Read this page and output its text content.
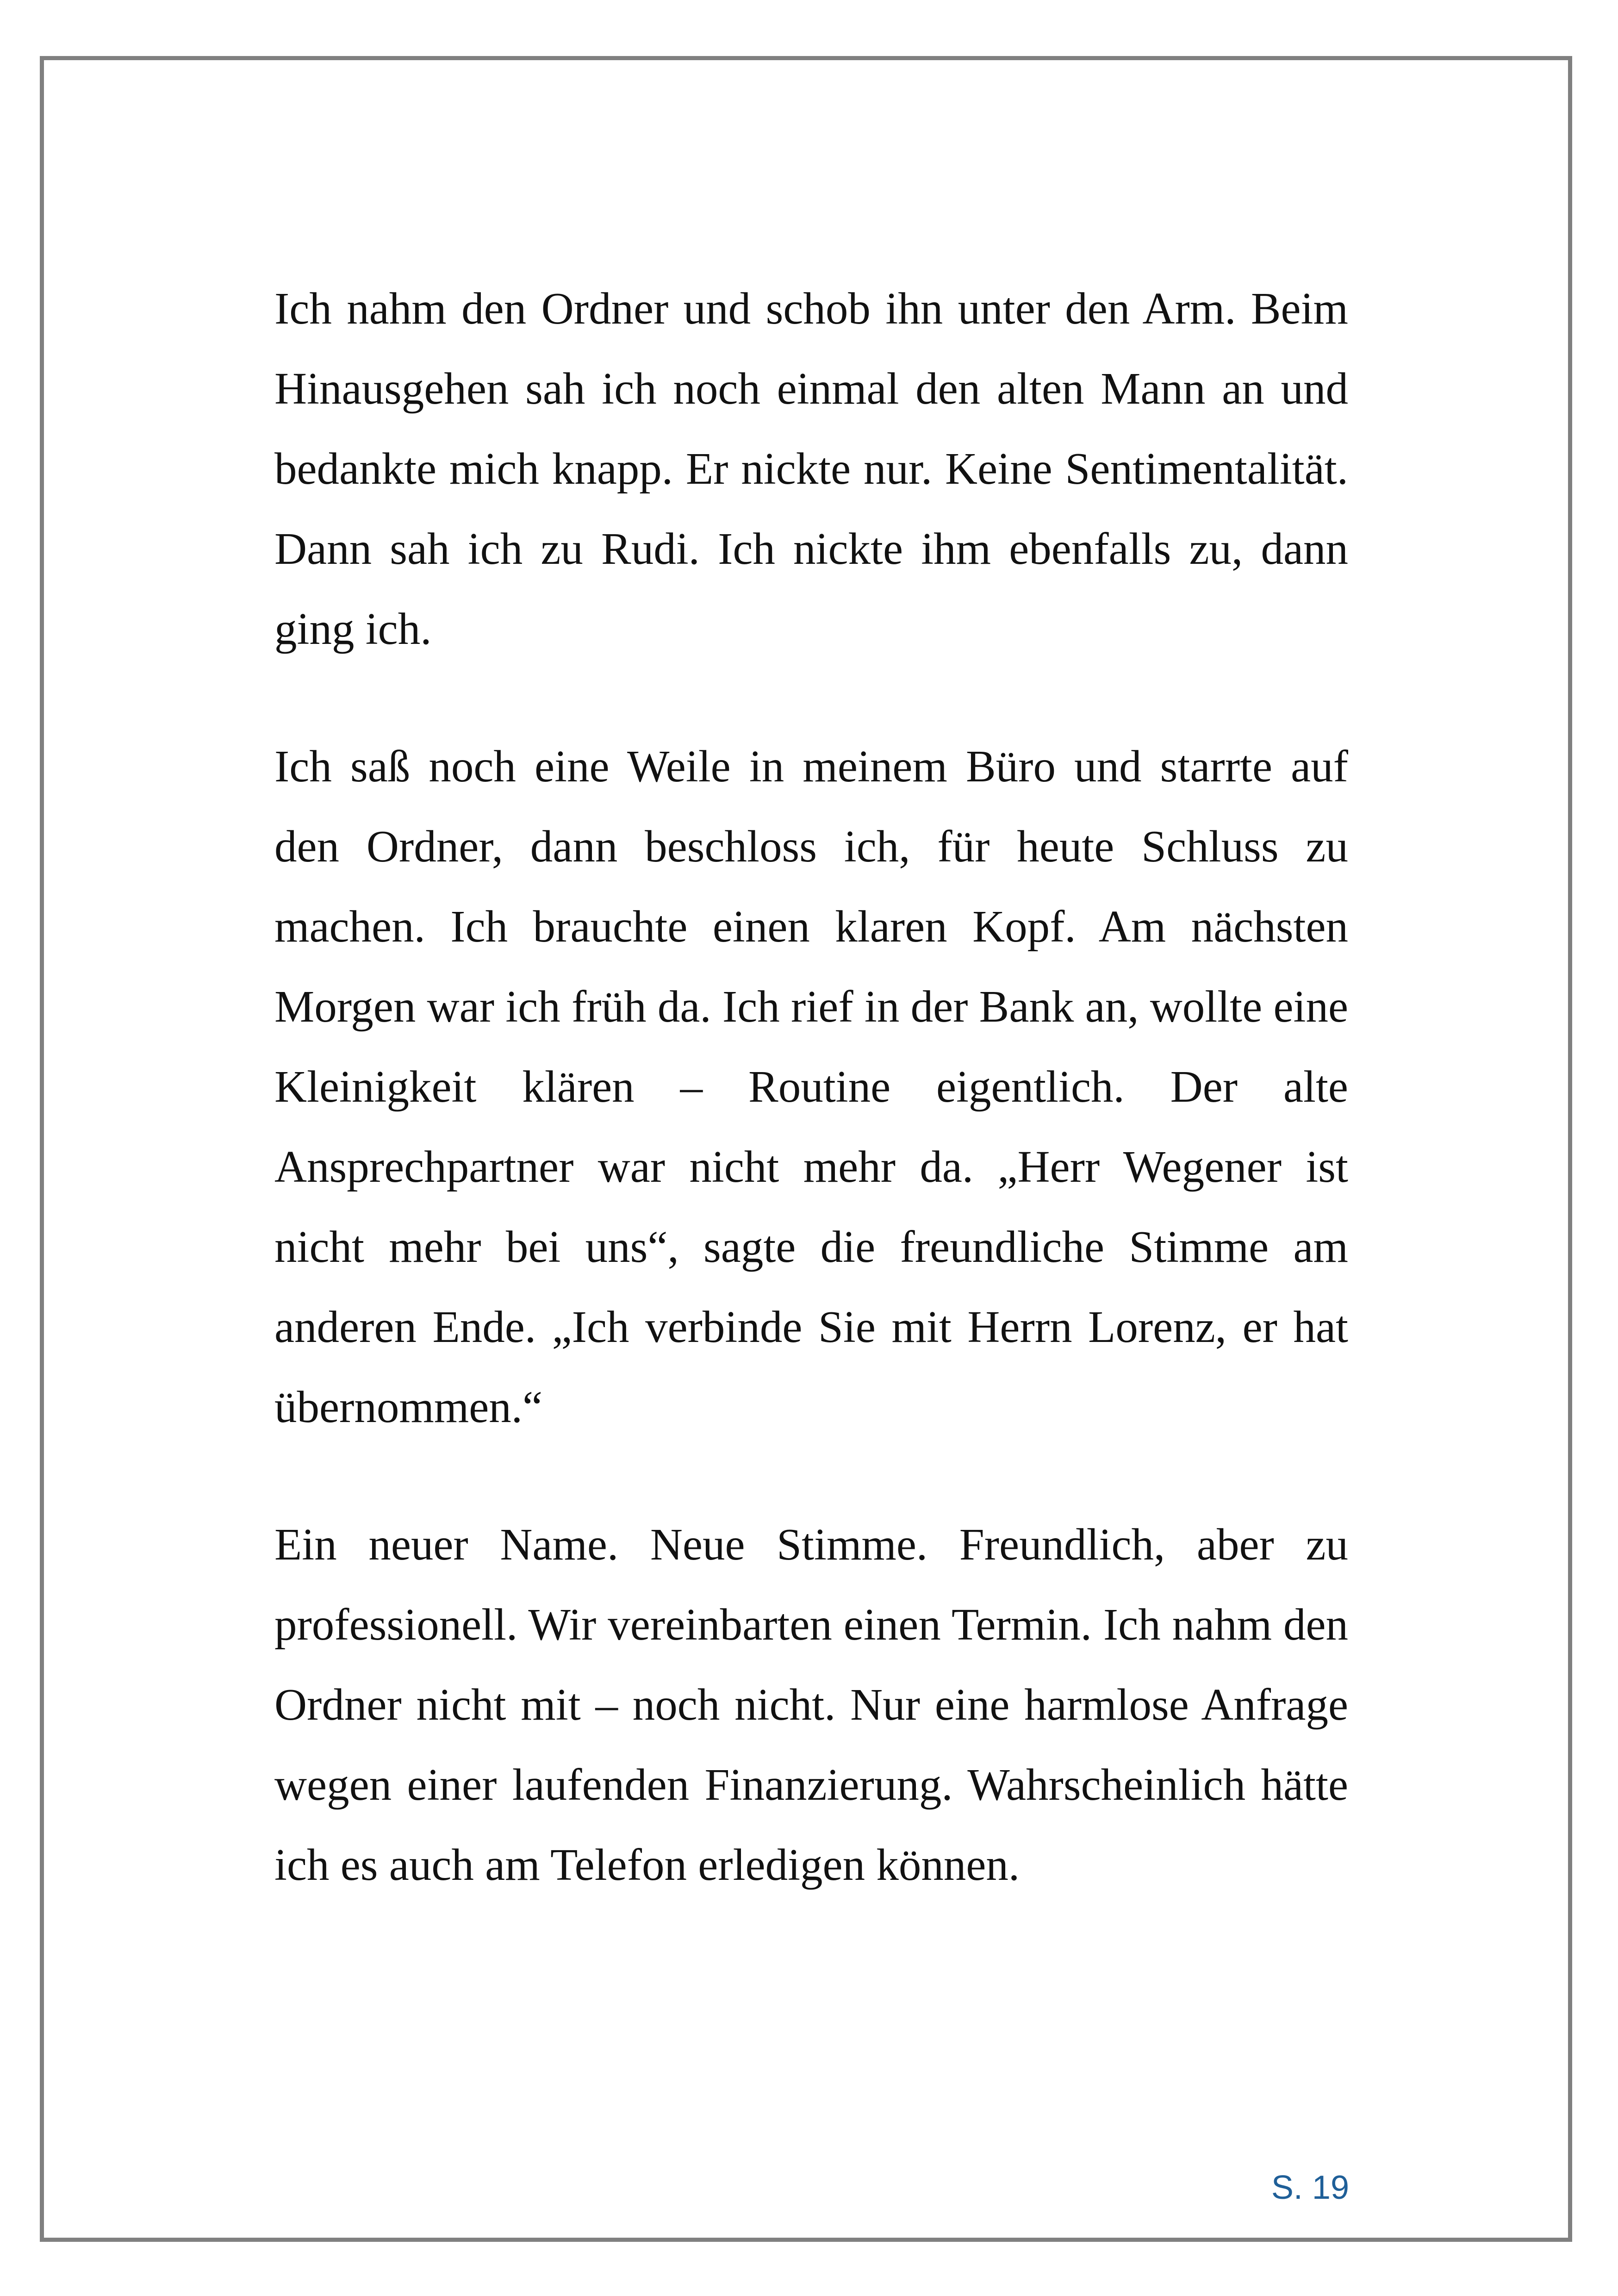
Ich nahm den Ordner und schob ihn unter den Arm. Beim Hinausgehen sah ich noch einmal den alten Mann an und bedankte mich knapp. Er nickte nur. Keine Sentimentalität. Dann sah ich zu Rudi. Ich nickte ihm ebenfalls zu, dann ging ich.

Ich saß noch eine Weile in meinem Büro und starrte auf den Ordner, dann beschloss ich, für heute Schluss zu machen. Ich brauchte einen klaren Kopf. Am nächsten Morgen war ich früh da. Ich rief in der Bank an, wollte eine Kleinigkeit klären – Routine eigentlich. Der alte Ansprechpartner war nicht mehr da. „Herr Wegener ist nicht mehr bei uns“, sagte die freundliche Stimme am anderen Ende. „Ich verbinde Sie mit Herrn Lorenz, er hat übernommen.“

Ein neuer Name. Neue Stimme. Freundlich, aber zu professionell. Wir vereinbarten einen Termin. Ich nahm den Ordner nicht mit – noch nicht. Nur eine harmlose Anfrage wegen einer laufenden Finanzierung. Wahrscheinlich hätte ich es auch am Telefon erledigen können.

S. 19
